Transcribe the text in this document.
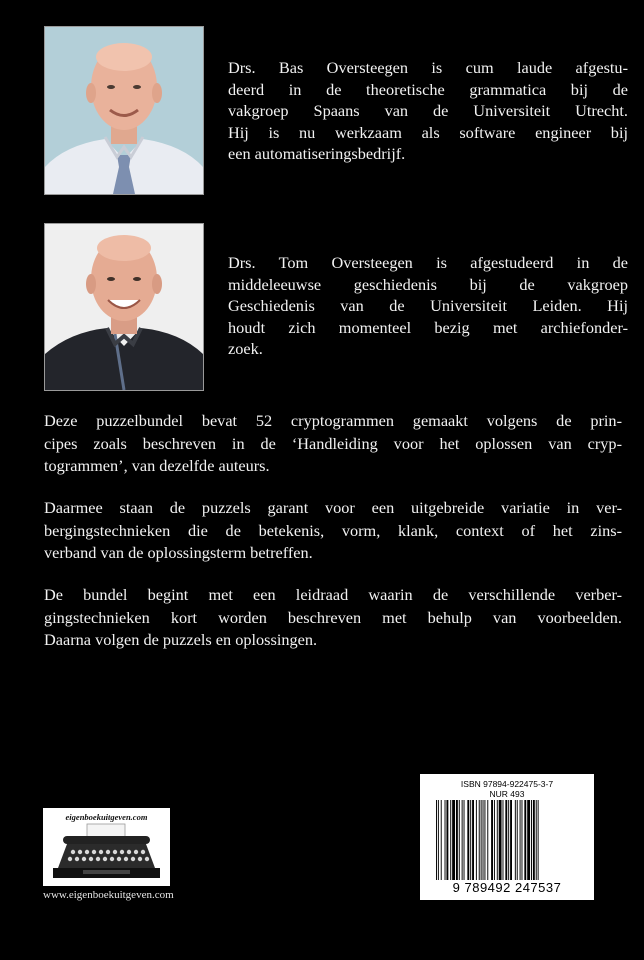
Drs. Bas Oversteegen is cum laude afgestu-
deerd in de theoretische grammatica bij de
vakgroep Spaans van de Universiteit Utrecht.
Hij is nu werkzaam als software engineer bij
een automatiseringsbedrijf.

Drs. Tom Oversteegen is afgestudeerd in de
middeleeuwse geschiedenis bij de vakgroep
Geschiedenis van de Universiteit Leiden. Hij
houdt zich momenteel bezig met archiefonder-
zoek.

Deze puzzelbundel bevat 52 cryptogrammen gemaakt volgens de prin-
cipes zoals beschreven in de ‘Handleiding voor het oplossen van cryp-
togrammen’, van dezelfde auteurs.

Daarmee staan de puzzels garant voor een uitgebreide variatie in ver-
bergingstechnieken die de betekenis, vorm, klank, context of het zins-
verband van de oplossingsterm betreffen.

De bundel begint met een leidraad waarin de verschillende verber-
gingstechnieken kort worden beschreven met behulp van voorbeelden.
Daarna volgen de puzzels en oplossingen.

eigenboekuitgeven.com
www.eigenboekuitgeven.com
ISBN 97894-922475-3-7
NUR 493
9 789492 247537
